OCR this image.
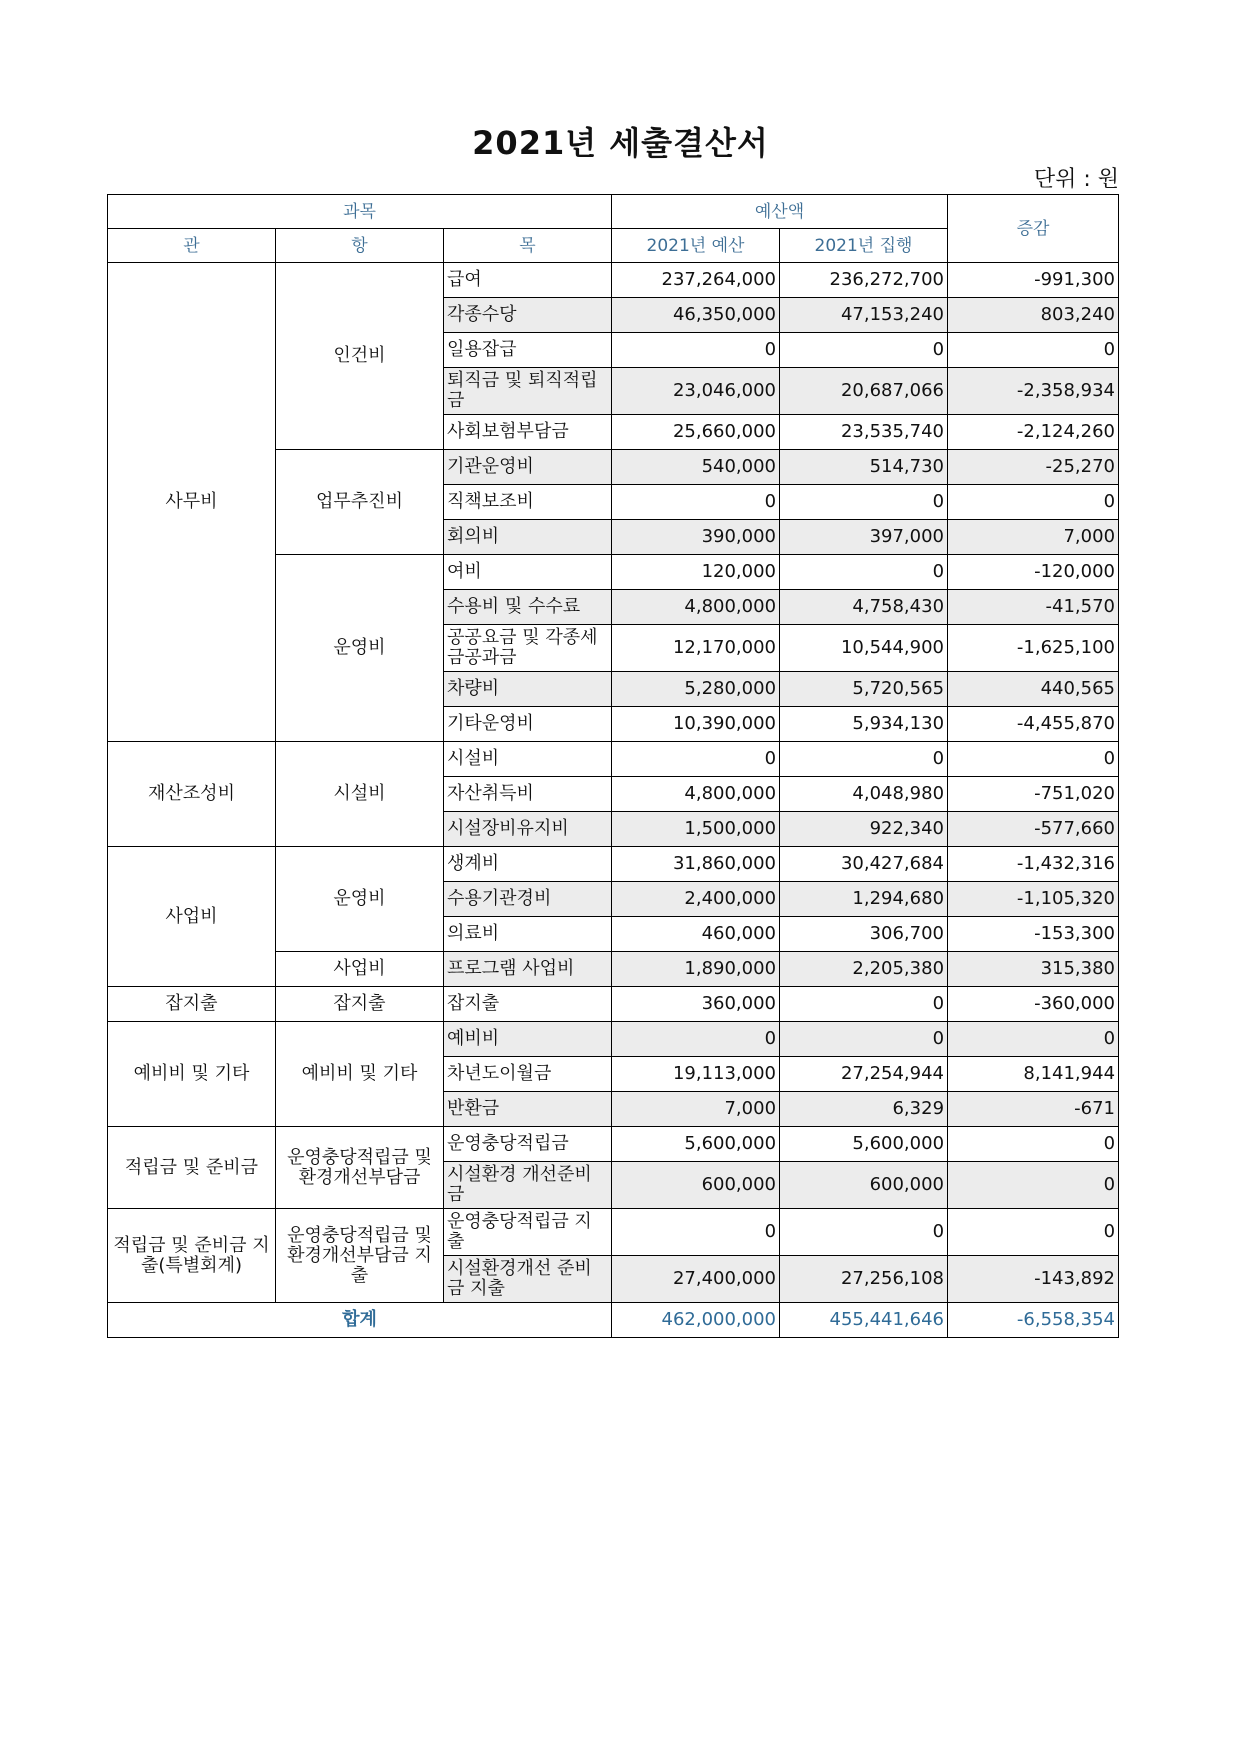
2021년 세출결산서
단위 : 원
과목			예산액		증감
관	항	목	2021년 예산	2021년 집행	
사무비	인건비	급여	237,264,000	236,272,700	-991,300
		각종수당	46,350,000	47,153,240	803,240
		일용잡급	0	0	0
		퇴직금 및 퇴직적립금	23,046,000	20,687,066	-2,358,934
		사회보험부담금	25,660,000	23,535,740	-2,124,260
	업무추진비	기관운영비	540,000	514,730	-25,270
		직책보조비	0	0	0
		회의비	390,000	397,000	7,000
	운영비	여비	120,000	0	-120,000
		수용비 및 수수료	4,800,000	4,758,430	-41,570
		공공요금 및 각종세금공과금	12,170,000	10,544,900	-1,625,100
		차량비	5,280,000	5,720,565	440,565
		기타운영비	10,390,000	5,934,130	-4,455,870
재산조성비	시설비	시설비	0	0	0
		자산취득비	4,800,000	4,048,980	-751,020
		시설장비유지비	1,500,000	922,340	-577,660
사업비	운영비	생계비	31,860,000	30,427,684	-1,432,316
		수용기관경비	2,400,000	1,294,680	-1,105,320
		의료비	460,000	306,700	-153,300
	사업비	프로그램 사업비	1,890,000	2,205,380	315,380
잡지출	잡지출	잡지출	360,000	0	-360,000
예비비 및 기타	예비비 및 기타	예비비	0	0	0
		차년도이월금	19,113,000	27,254,944	8,141,944
		반환금	7,000	6,329	-671
적립금 및 준비금	운영충당적립금 및 환경개선부담금	운영충당적립금	5,600,000	5,600,000	0
		시설환경 개선준비금	600,000	600,000	0
적립금 및 준비금 지출(특별회계)	운영충당적립금 및 환경개선부담금 지출	운영충당적립금 지출	0	0	0
		시설환경개선 준비금 지출	27,400,000	27,256,108	-143,892
합계			462,000,000	455,441,646	-6,558,354
